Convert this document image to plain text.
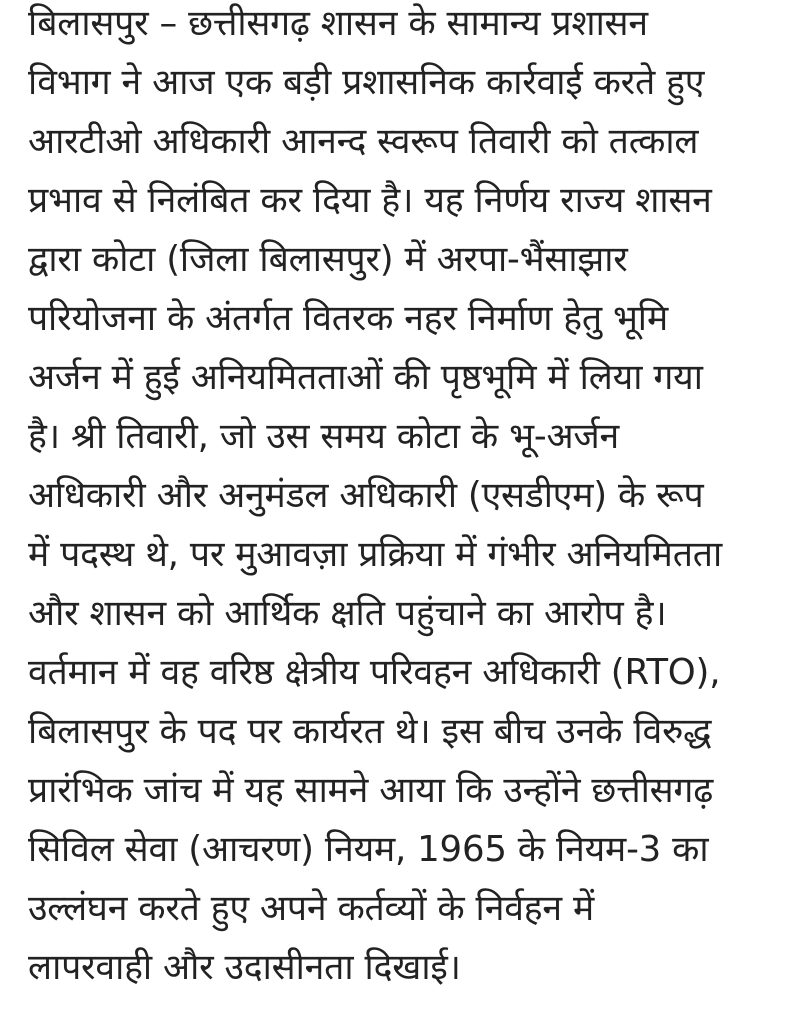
बिलासपुर – छत्तीसगढ़ शासन के सामान्य प्रशासन
विभाग ने आज एक बड़ी प्रशासनिक कार्रवाई करते हुए
आरटीओ अधिकारी आनन्द स्वरूप तिवारी को तत्काल
प्रभाव से निलंबित कर दिया है। यह निर्णय राज्य शासन
द्वारा कोटा (जिला बिलासपुर) में अरपा-भैंसाझार
परियोजना के अंतर्गत वितरक नहर निर्माण हेतु भूमि
अर्जन में हुई अनियमितताओं की पृष्ठभूमि में लिया गया
है। श्री तिवारी, जो उस समय कोटा के भू-अर्जन
अधिकारी और अनुमंडल अधिकारी (एसडीएम) के रूप
में पदस्थ थे, पर मुआवज़ा प्रक्रिया में गंभीर अनियमितता
और शासन को आर्थिक क्षति पहुंचाने का आरोप है।
वर्तमान में वह वरिष्ठ क्षेत्रीय परिवहन अधिकारी (RTO),
बिलासपुर के पद पर कार्यरत थे। इस बीच उनके विरुद्ध
प्रारंभिक जांच में यह सामने आया कि उन्होंने छत्तीसगढ़
सिविल सेवा (आचरण) नियम, 1965 के नियम-3 का
उल्लंघन करते हुए अपने कर्तव्यों के निर्वहन में
लापरवाही और उदासीनता दिखाई।
